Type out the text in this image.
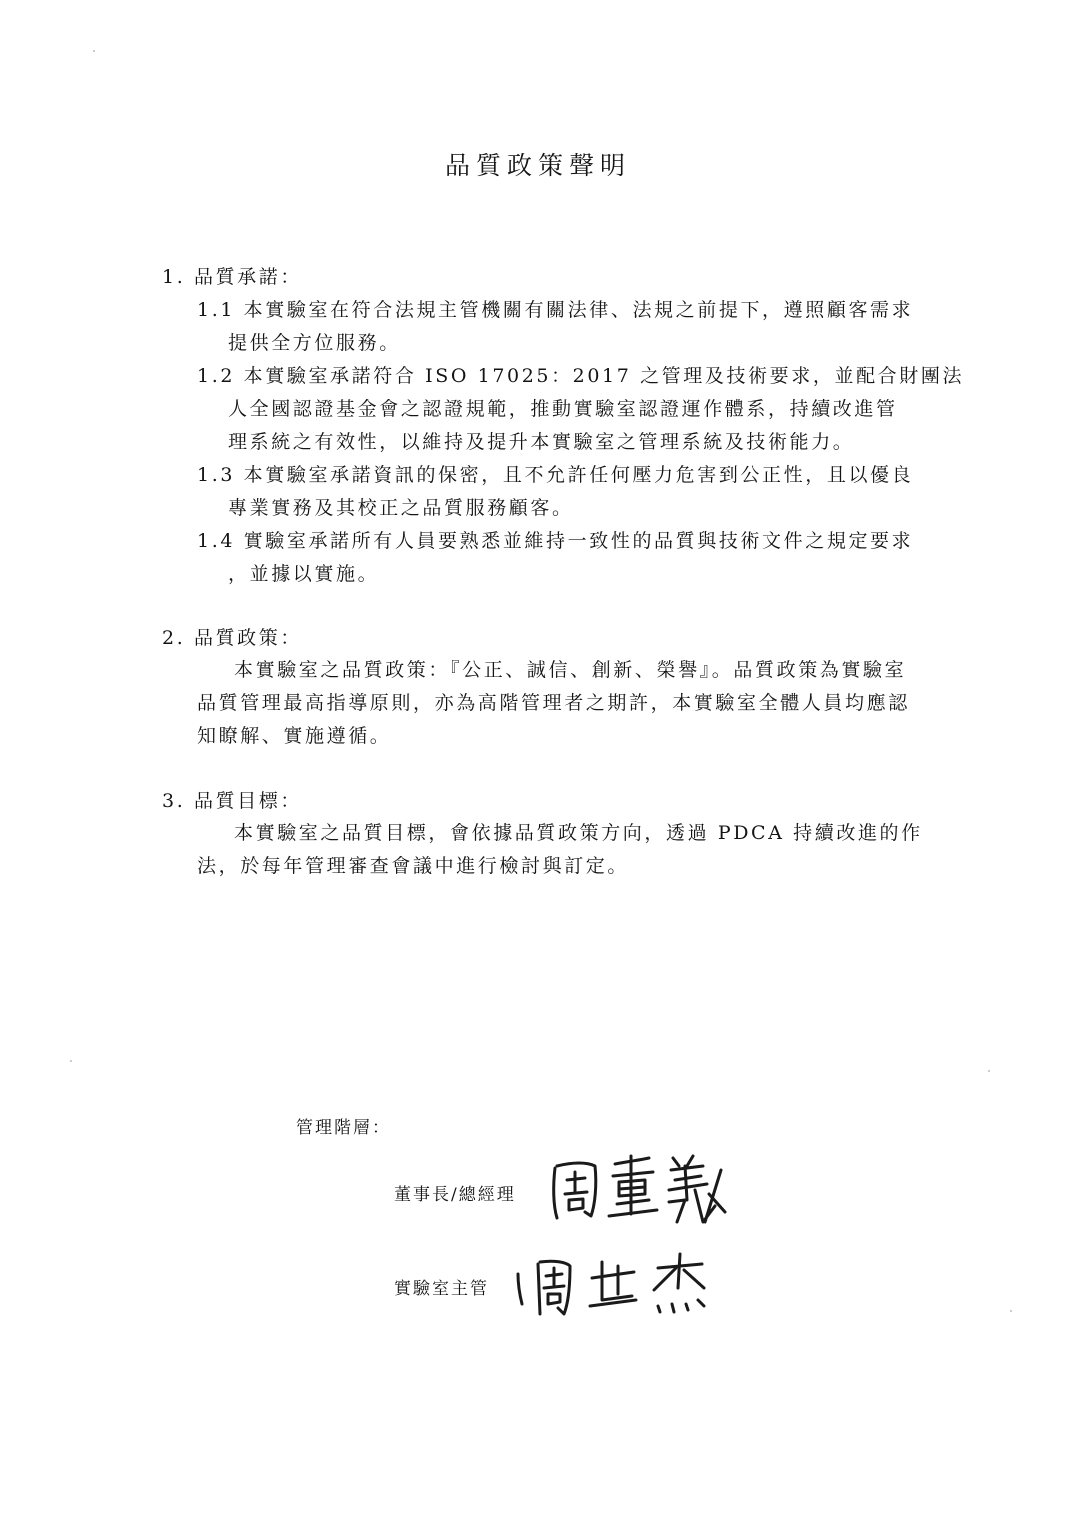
品質政策聲明
1. 品質承諾：
1.1 本實驗室在符合法規主管機關有關法律、法規之前提下，遵照顧客需求
提供全方位服務。
1.2 本實驗室承諾符合 ISO 17025：2017 之管理及技術要求，並配合財團法
人全國認證基金會之認證規範，推動實驗室認證運作體系，持續改進管
理系統之有效性，以維持及提升本實驗室之管理系統及技術能力。
1.3 本實驗室承諾資訊的保密，且不允許任何壓力危害到公正性，且以優良
專業實務及其校正之品質服務顧客。
1.4 實驗室承諾所有人員要熟悉並維持一致性的品質與技術文件之規定要求
，並據以實施。
2. 品質政策：
本實驗室之品質政策：『公正、誠信、創新、榮譽』。品質政策為實驗室
品質管理最高指導原則，亦為高階管理者之期許，本實驗室全體人員均應認
知瞭解、實施遵循。
3. 品質目標：
本實驗室之品質目標，會依據品質政策方向，透過 PDCA 持續改進的作
法，於每年管理審查會議中進行檢討與訂定。
管理階層：
董事長/總經理
實驗室主管
